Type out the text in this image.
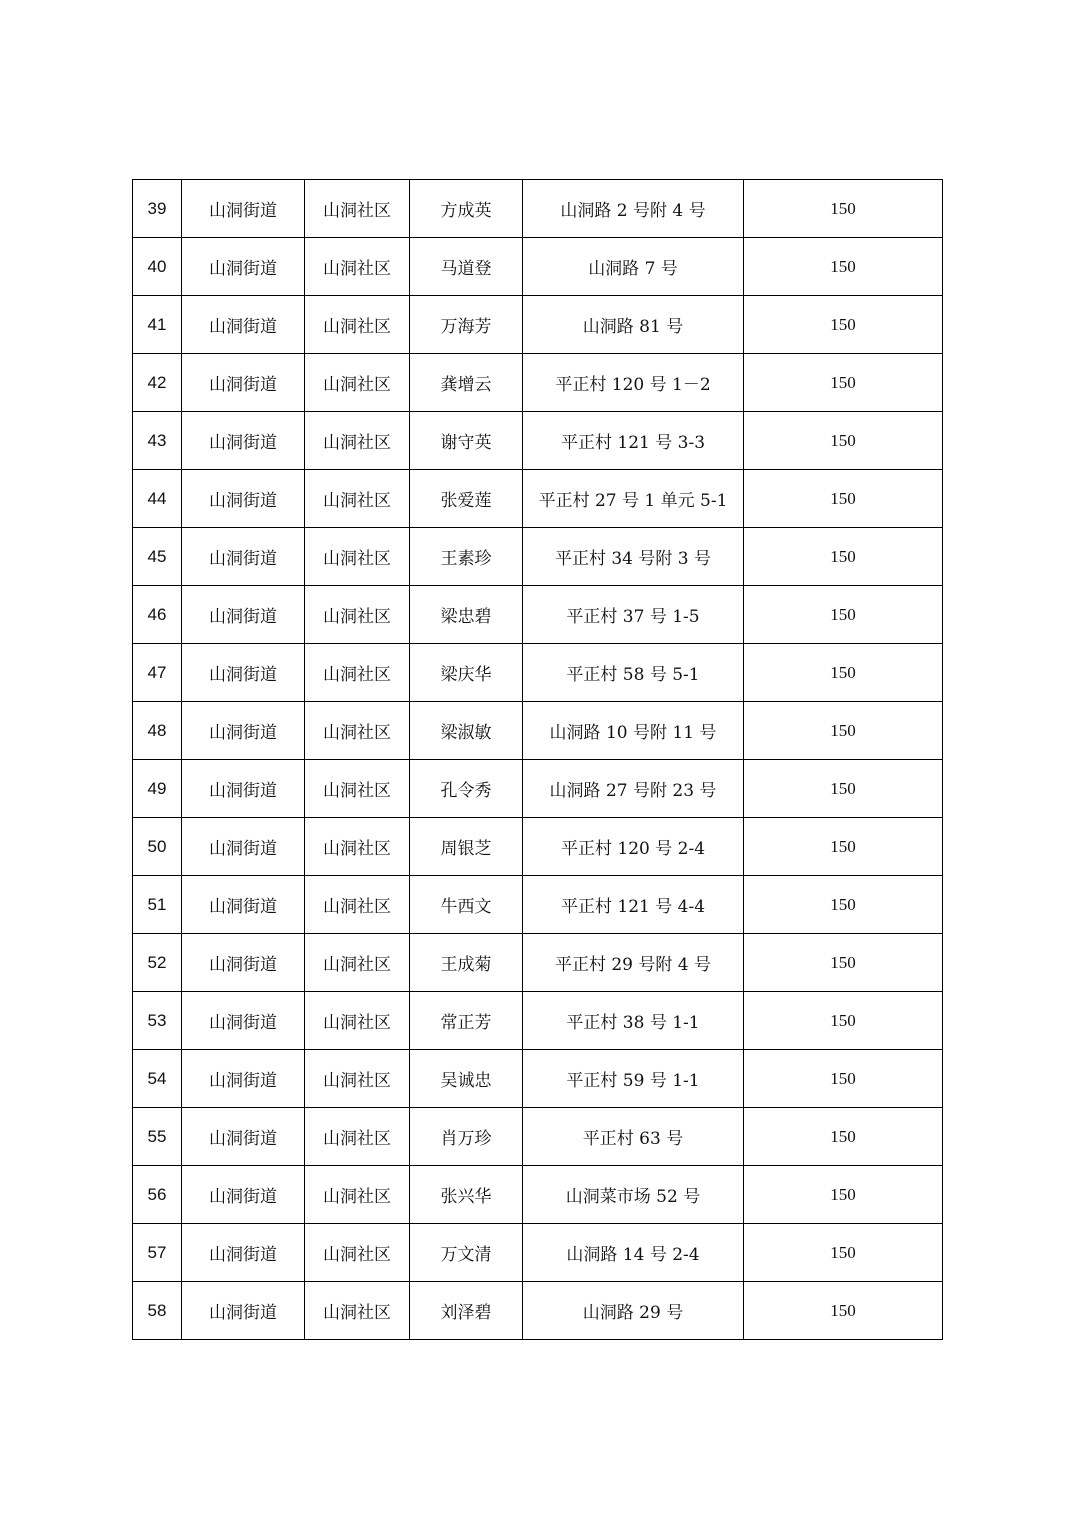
39	山洞街道	山洞社区	方成英	山洞路 2 号附 4 号	150
40	山洞街道	山洞社区	马道登	山洞路 7 号	150
41	山洞街道	山洞社区	万海芳	山洞路 81 号	150
42	山洞街道	山洞社区	龚增云	平正村 120 号 1－2	150
43	山洞街道	山洞社区	谢守英	平正村 121 号 3-3	150
44	山洞街道	山洞社区	张爱莲	平正村 27 号 1 单元 5-1	150
45	山洞街道	山洞社区	王素珍	平正村 34 号附 3 号	150
46	山洞街道	山洞社区	梁忠碧	平正村 37 号 1-5	150
47	山洞街道	山洞社区	梁庆华	平正村 58 号 5-1	150
48	山洞街道	山洞社区	梁淑敏	山洞路 10 号附 11 号	150
49	山洞街道	山洞社区	孔令秀	山洞路 27 号附 23 号	150
50	山洞街道	山洞社区	周银芝	平正村 120 号 2-4	150
51	山洞街道	山洞社区	牛西文	平正村 121 号 4-4	150
52	山洞街道	山洞社区	王成菊	平正村 29 号附 4 号	150
53	山洞街道	山洞社区	常正芳	平正村 38 号 1-1	150
54	山洞街道	山洞社区	吴诚忠	平正村 59 号 1-1	150
55	山洞街道	山洞社区	肖万珍	平正村 63 号	150
56	山洞街道	山洞社区	张兴华	山洞菜市场 52 号	150
57	山洞街道	山洞社区	万文清	山洞路 14 号 2-4	150
58	山洞街道	山洞社区	刘泽碧	山洞路 29 号	150
